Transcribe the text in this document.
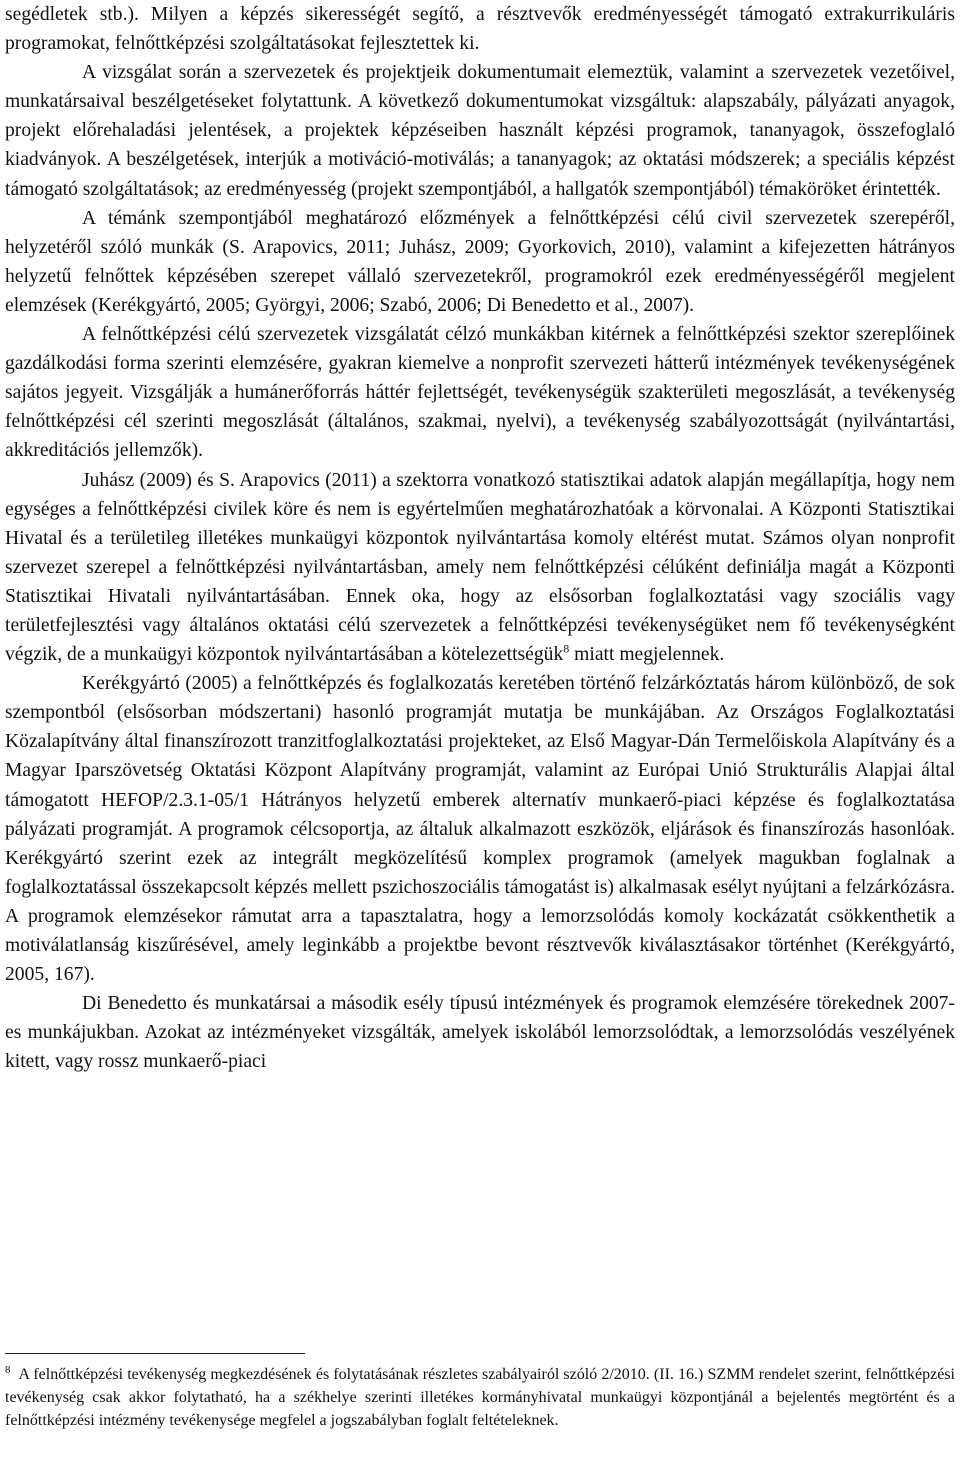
segédletek stb.). Milyen a képzés sikerességét segítő, a résztvevők eredményességét támogató extrakurrikuláris programokat, felnőttképzési szolgáltatásokat fejlesztettek ki.

A vizsgálat során a szervezetek és projektjeik dokumentumait elemeztük, valamint a szervezetek vezetőivel, munkatársaival beszélgetéseket folytattunk. A következő dokumentumokat vizsgáltuk: alapszabály, pályázati anyagok, projekt előrehaladási jelentések, a projektek képzéseiben használt képzési programok, tananyagok, összefoglaló kiadványok. A beszélgetések, interjúk a motiváció-motiválás; a tananyagok; az oktatási módszerek; a speciális képzést támogató szolgáltatások; az eredményesség (projekt szempontjából, a hallgatók szempontjából) témaköröket érintették.

A témánk szempontjából meghatározó előzmények a felnőttképzési célú civil szervezetek szerepéről, helyzetéről szóló munkák (S. Arapovics, 2011; Juhász, 2009; Gyorkovich, 2010), valamint a kifejezetten hátrányos helyzetű felnőttek képzésében szerepet vállaló szervezetekről, programokról ezek eredményességéről megjelent elemzések (Kerékgyártó, 2005; Györgyi, 2006; Szabó, 2006; Di Benedetto et al., 2007).

A felnőttképzési célú szervezetek vizsgálatát célzó munkákban kitérnek a felnőttképzési szektor szereplőinek gazdálkodási forma szerinti elemzésére, gyakran kiemelve a nonprofit szervezeti hátterű intézmények tevékenységének sajátos jegyeit. Vizsgálják a humánerőforrás háttér fejlettségét, tevékenységük szakterületi megoszlását, a tevékenység felnőttképzési cél szerinti megoszlását (általános, szakmai, nyelvi), a tevékenység szabályozottságát (nyilvántartási, akkreditációs jellemzők).

Juhász (2009) és S. Arapovics (2011) a szektorra vonatkozó statisztikai adatok alapján megállapítja, hogy nem egységes a felnőttképzési civilek köre és nem is egyértelműen meghatározhatóak a körvonalai. A Központi Statisztikai Hivatal és a területileg illetékes munkaügyi központok nyilvántartása komoly eltérést mutat. Számos olyan nonprofit szervezet szerepel a felnőttképzési nyilvántartásban, amely nem felnőttképzési célúként definiálja magát a Központi Statisztikai Hivatali nyilvántartásában. Ennek oka, hogy az elsősorban foglalkoztatási vagy szociális vagy területfejlesztési vagy általános oktatási célú szervezetek a felnőttképzési tevékenységüket nem fő tevékenységként végzik, de a munkaügyi központok nyilvántartásában a kötelezettségük$^8$ miatt megjelennek.

Kerékgyártó (2005) a felnőttképzés és foglalkozatás keretében történő felzárkóztatás három különböző, de sok szempontból (elsősorban módszertani) hasonló programját mutatja be munkájában. Az Országos Foglalkoztatási Közalapítvány által finanszírozott tranzitfoglalkoztatási projekteket, az Első Magyar-Dán Termelőiskola Alapítvány és a Magyar Iparszövetség Oktatási Központ Alapítvány programját, valamint az Európai Unió Strukturális Alapjai által támogatott HEFOP/2.3.1-05/1 Hátrányos helyzetű emberek alternatív munkaerő-piaci képzése és foglalkoztatása pályázati programját. A programok célcsoportja, az általuk alkalmazott eszközök, eljárások és finanszírozás hasonlóak. Kerékgyártó szerint ezek az integrált megközelítésű komplex programok (amelyek magukban foglalnak a foglalkoztatással összekapcsolt képzés mellett pszichoszociális támogatást is) alkalmasak esélyt nyújtani a felzárkózásra. A programok elemzésekor rámutat arra a tapasztalatra, hogy a lemorzsolódás komoly kockázatát csökkenthetik a motiválatlanság kiszűrésével, amely leginkább a projektbe bevont résztvevők kiválasztásakor történhet (Kerékgyártó, 2005, 167).

Di Benedetto és munkatársai a második esély típusú intézmények és programok elemzésére törekednek 2007-es munkájukban. Azokat az intézményeket vizsgálták, amelyek iskolából lemorzsolódtak, a lemorzsolódás veszélyének kitett, vagy rossz munkaerő-piaci

$^8$ A felnőttképzési tevékenység megkezdésének és folytatásának részletes szabályairól szóló 2/2010. (II. 16.) SZMM rendelet szerint, felnőttképzési tevékenység csak akkor folytatható, ha a székhelye szerinti illetékes kormányhivatal munkaügyi központjánál a bejelentés megtörtént és a felnőttképzési intézmény tevékenysége megfelel a jogszabályban foglalt feltételeknek.
